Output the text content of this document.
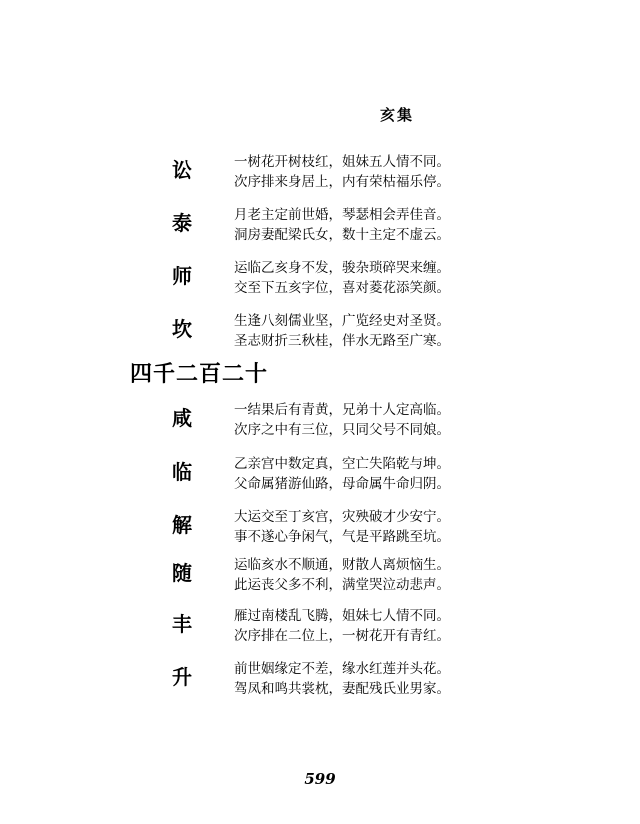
亥集
讼	一树花开树枝红，姐妹五人情不同。
次序排来身居上，内有荣枯福乐停。
泰	月老主定前世婚，琴瑟相会弄佳音。
洞房妻配梁氏女，数十主定不虚云。
师	运临乙亥身不发，骏杂琐碎哭来缠。
交至下五亥字位，喜对菱花添笑颜。
坎	生逢八刻儒业坚，广览经史对圣贤。
圣志财折三秋桂，伴水无路至广寒。
四千二百二十
咸	一结果后有青黄，兄弟十人定高临。
次序之中有三位，只同父号不同娘。
临	乙亲宫中数定真，空亡失陷乾与坤。
父命属猪游仙路，母命属牛命归阴。
解	大运交至丁亥宫，灾殃破才少安宁。
事不遂心争闲气，气是平路跳至坑。
随	运临亥水不顺通，财散人离烦恼生。
此运丧父多不利，满堂哭泣动悲声。
丰	雁过南楼乱飞腾，姐妹七人情不同。
次序排在二位上，一树花开有青红。
升	前世姻缘定不差，缘水红莲并头花。
驾凤和鸣共裳枕，妻配残氏业男家。
599
